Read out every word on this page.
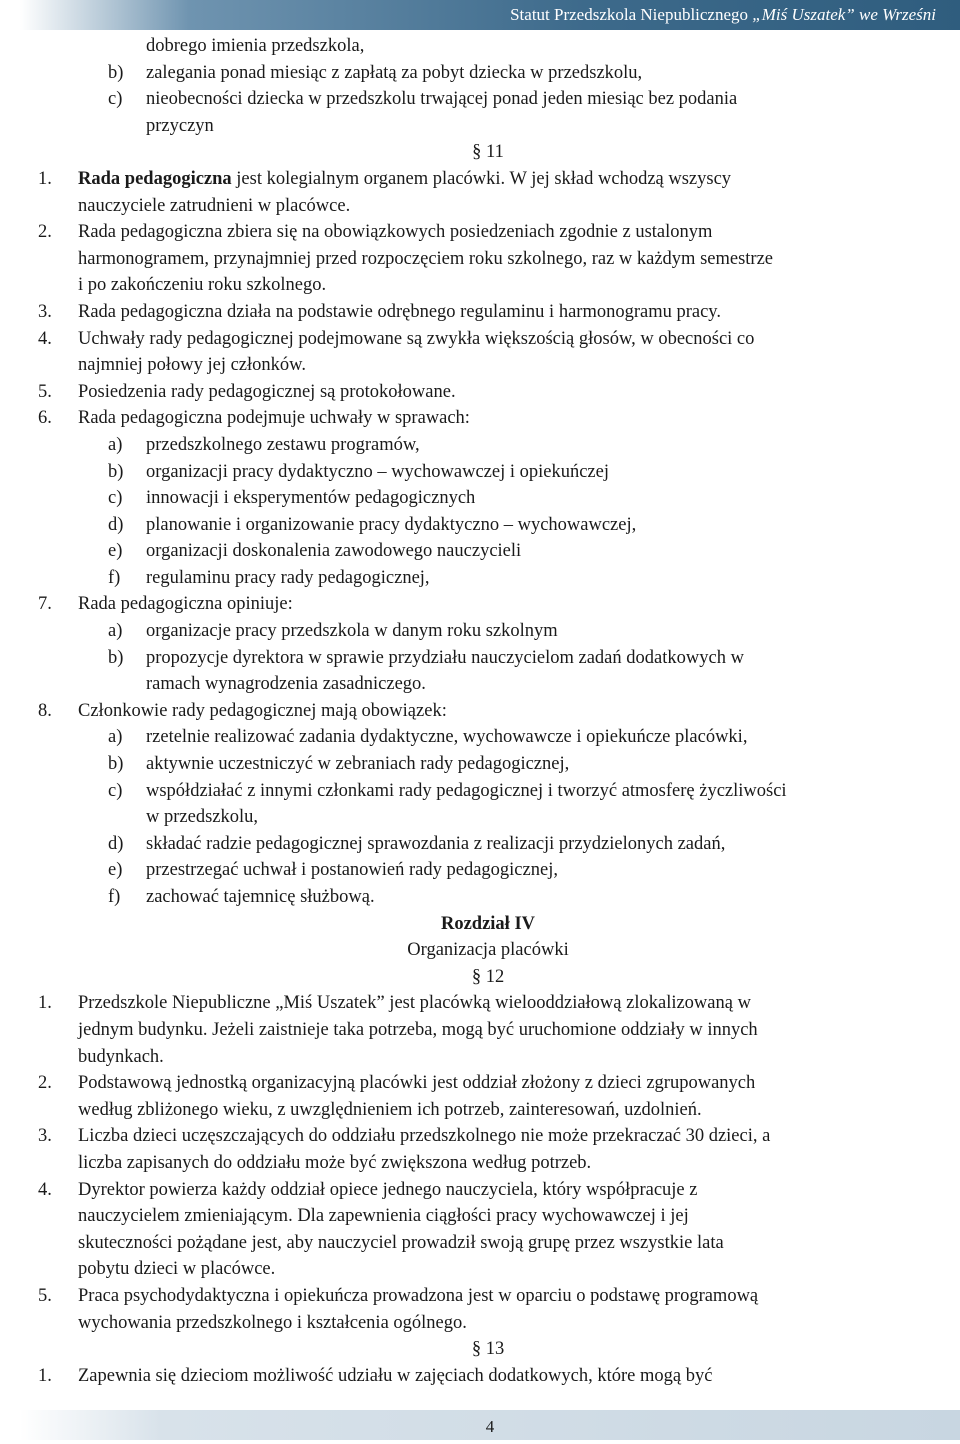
Statut Przedszkola Niepublicznego „Miś Uszatek” we Wrześni
dobrego imienia przedszkola,
b) zalegania ponad miesiąc z zapłatą za pobyt dziecka w przedszkolu,
c) nieobecności dziecka w przedszkolu trwającej ponad jeden miesiąc bez podania
przyczyn
§ 11
1. Rada pedagogiczna jest kolegialnym organem placówki. W jej skład wchodzą wszyscy
nauczyciele zatrudnieni w placówce.
2. Rada pedagogiczna zbiera się na obowiązkowych posiedzeniach zgodnie z ustalonym
harmonogramem, przynajmniej przed rozpoczęciem roku szkolnego, raz w każdym semestrze
i po zakończeniu roku szkolnego.
3. Rada pedagogiczna działa na podstawie odrębnego regulaminu i harmonogramu pracy.
4. Uchwały rady pedagogicznej podejmowane są zwykła większością głosów, w obecności co
najmniej połowy jej członków.
5. Posiedzenia rady pedagogicznej są protokołowane.
6. Rada pedagogiczna podejmuje uchwały w sprawach:
a) przedszkolnego zestawu programów,
b) organizacji pracy dydaktyczno – wychowawczej i opiekuńczej
c) innowacji i eksperymentów pedagogicznych
d) planowanie i organizowanie pracy dydaktyczno – wychowawczej,
e) organizacji doskonalenia zawodowego nauczycieli
f) regulaminu pracy rady pedagogicznej,
7. Rada pedagogiczna opiniuje:
a) organizacje pracy przedszkola w danym roku szkolnym
b) propozycje dyrektora w sprawie przydziału nauczycielom zadań dodatkowych w
ramach wynagrodzenia zasadniczego.
8. Członkowie rady pedagogicznej mają obowiązek:
a) rzetelnie realizować zadania dydaktyczne, wychowawcze i opiekuńcze placówki,
b) aktywnie uczestniczyć w zebraniach rady pedagogicznej,
c) współdziałać z innymi członkami rady pedagogicznej i tworzyć atmosferę życzliwości
w przedszkolu,
d) składać radzie pedagogicznej sprawozdania z realizacji przydzielonych zadań,
e) przestrzegać uchwał i postanowień rady pedagogicznej,
f) zachować tajemnicę służbową.
Rozdział IV
Organizacja placówki
§ 12
1. Przedszkole Niepubliczne „Miś Uszatek” jest placówką wielooddziałową zlokalizowaną w
jednym budynku. Jeżeli zaistnieje taka potrzeba, mogą być uruchomione oddziały w innych
budynkach.
2. Podstawową jednostką organizacyjną placówki jest oddział złożony z dzieci zgrupowanych
według zbliżonego wieku, z uwzględnieniem ich potrzeb, zainteresowań, uzdolnień.
3. Liczba dzieci uczęszczających do oddziału przedszkolnego nie może przekraczać 30 dzieci, a
liczba zapisanych do oddziału może być zwiększona według potrzeb.
4. Dyrektor powierza każdy oddział opiece jednego nauczyciela, który współpracuje z
nauczycielem zmieniającym. Dla zapewnienia ciągłości pracy wychowawczej i jej
skuteczności pożądane jest, aby nauczyciel prowadził swoją grupę przez wszystkie lata
pobytu dzieci w placówce.
5. Praca psychodydaktyczna i opiekuńcza prowadzona jest w oparciu o podstawę programową
wychowania przedszkolnego i kształcenia ogólnego.
§ 13
1. Zapewnia się dzieciom możliwość udziału w zajęciach dodatkowych, które mogą być
4
